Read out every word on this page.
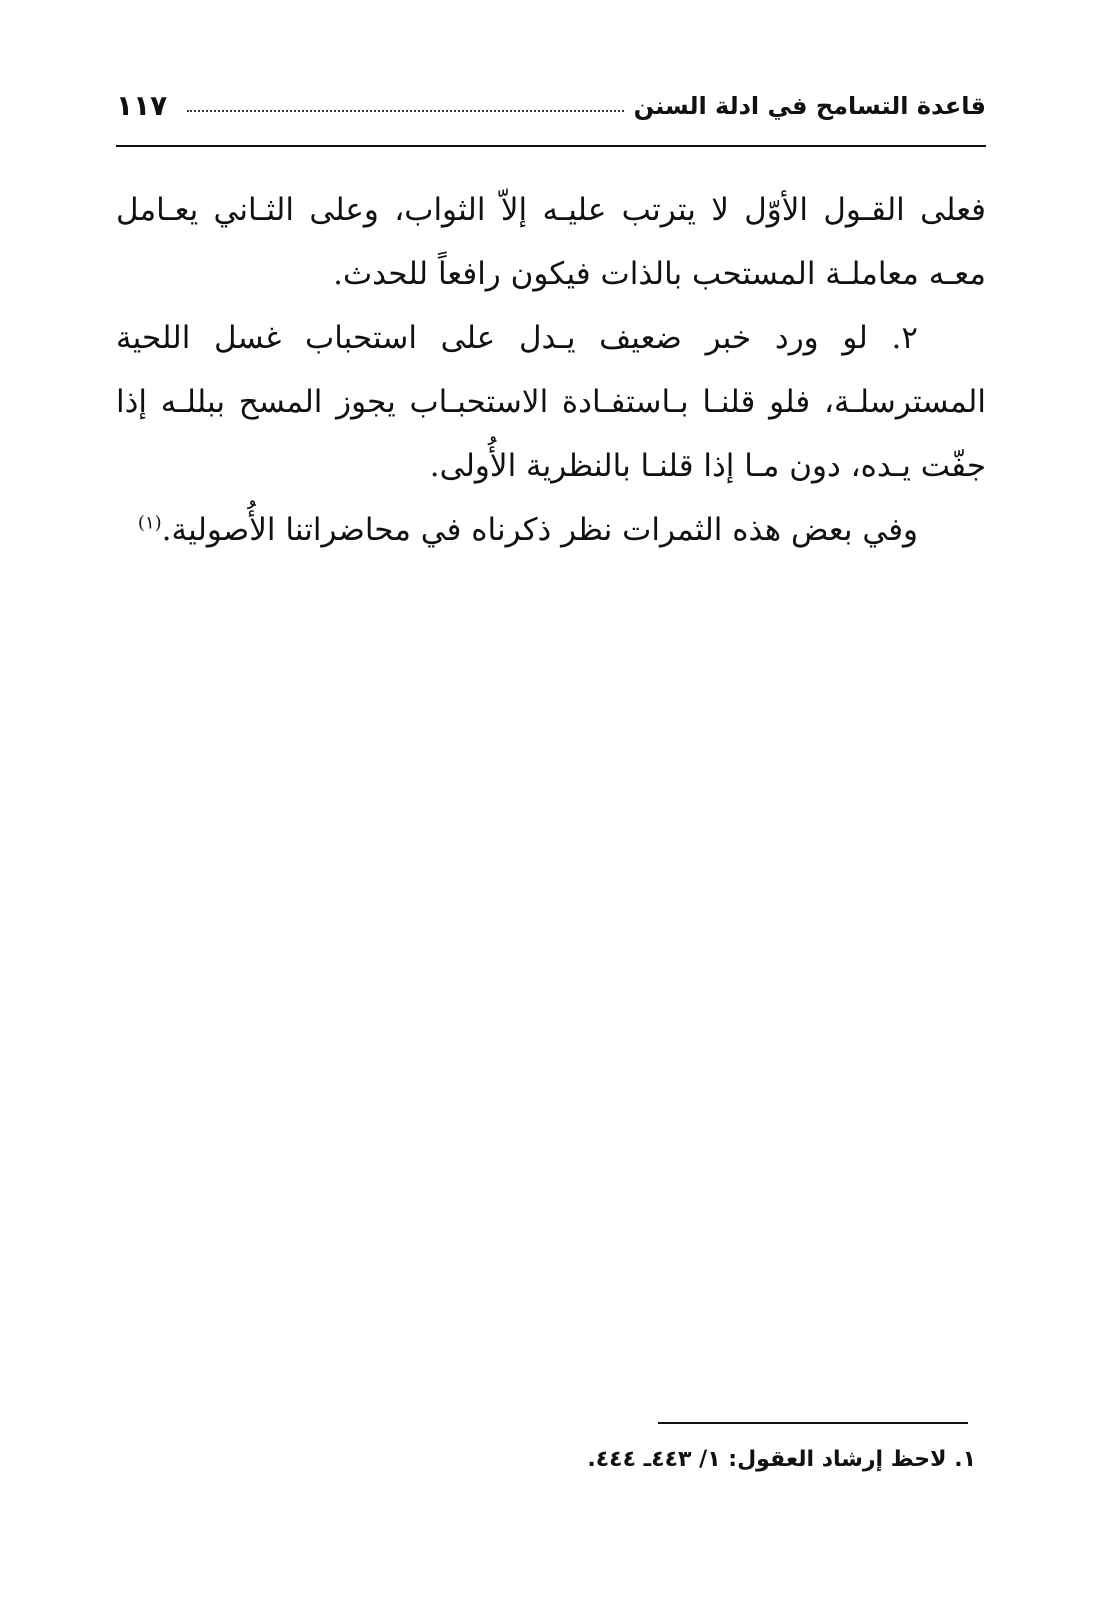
١١٧	قاعدة التسامح في ادلة السنن

فعلى القـول الأوّل لا يترتب عليـه إلاّ الثواب، وعلى الثـاني يعـامل معـه معاملـة المستحب بالذات فيكون رافعاً للحدث.

٢. لو ورد خبر ضعيف يـدل على استحباب غسل اللحية المسترسلـة، فلو قلنـا بـاستفـادة الاستحبـاب يجوز المسح ببللـه إذا جفّت يـده، دون مـا إذا قلنـا بالنظرية الأُولى.

وفي بعض هذه الثمرات نظر ذكرناه في محاضراتنا الأُصولية.$^{(١)}$

١. لاحظ إرشاد العقول: ١/ ٤٤٣ـ ٤٤٤.
